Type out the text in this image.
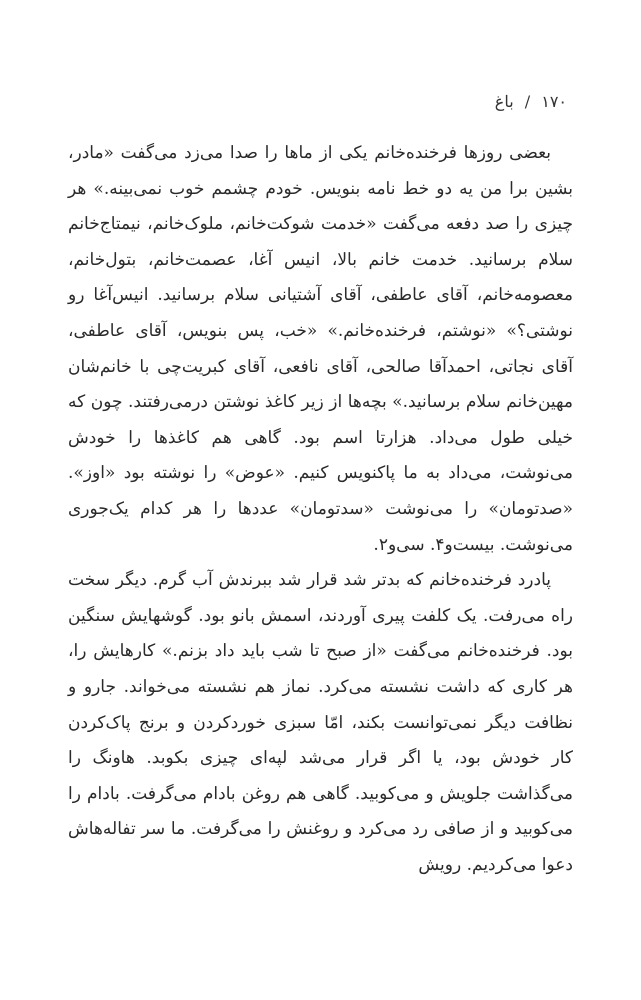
۱۷۰ / باغ

بعضی روزها فرخنده‌خانم یکی از ماها را صدا می‌زد می‌گفت «مادر، بشین برا من یه دو خط نامه بنویس. خودم چشمم خوب نمی‌بینه.» هر چیزی را صد دفعه می‌گفت «خدمت شوکت‌خانم، ملوک‌خانم، نیمتاج‌خانم سلام برسانید. خدمت خانم بالا، انیس آغا، عصمت‌خانم، بتول‌خانم، معصومه‌خانم، آقای عاطفی، آقای آشتیانی سلام برسانید. انیس‌آغا رو نوشتی؟» «نوشتم، فرخنده‌خانم.» «خب، پس بنویس، آقای عاطفی، آقای نجاتی، احمدآقا صالحی، آقای نافعی، آقای کبریت‌چی با خانم‌شان مهین‌خانم سلام برسانید.» بچه‌ها از زیر کاغذ نوشتن درمی‌رفتند. چون که خیلی طول می‌داد. هزارتا اسم بود. گاهی هم کاغذها را خودش می‌نوشت، می‌داد به ما پاکنویس کنیم. «عوض» را نوشته بود «اوز». «صدتومان» را می‌نوشت «سدتومان» عددها را هر کدام یک‌جوری می‌نوشت. بیست‌و۴. سی‌و۲.

پادرد فرخنده‌خانم که بدتر شد قرار شد ببرندش آب گرم. دیگر سخت راه می‌رفت. یک کلفت پیری آوردند، اسمش بانو بود. گوشهایش سنگین بود. فرخنده‌خانم می‌گفت «از صبح تا شب باید داد بزنم.» کارهایش را، هر کاری که داشت نشسته می‌کرد. نماز هم نشسته می‌خواند. جارو و نظافت دیگر نمی‌توانست بکند، امّا سبزی خوردکردن و برنج پاک‌کردن کار خودش بود، یا اگر قرار می‌شد لپه‌ای چیزی بکوبد. هاونگ را می‌گذاشت جلویش و می‌کوبید. گاهی هم روغن بادام می‌گرفت. بادام را می‌کوبید و از صافی رد می‌کرد و روغنش را می‌گرفت. ما سر تفاله‌هاش دعوا می‌کردیم. رویش
